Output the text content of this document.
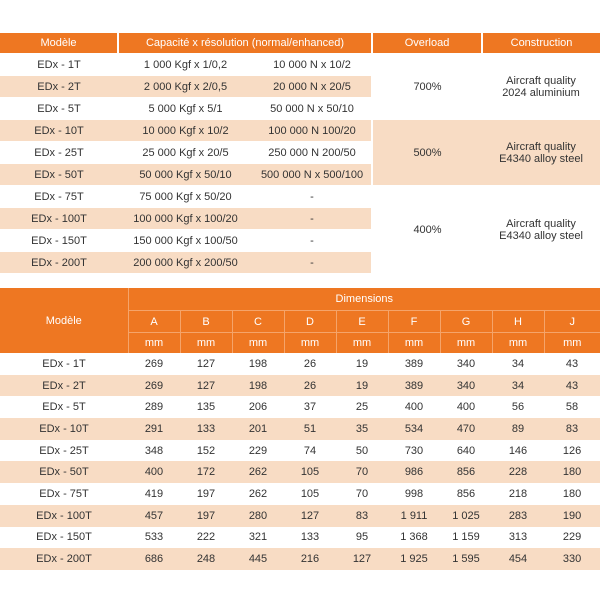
Modèle	Capacité x résolution (normal/enhanced)		Overload	Construction
EDx - 1T	1 000 Kgf x 1/0,2	10 000 N x 10/2	700%	Aircraft quality
2024 aluminium
EDx - 2T	2 000 Kgf x 2/0,5	20 000 N x 20/5		
EDx - 5T	5 000 Kgf x 5/1	50 000 N x 50/10		
EDx - 10T	10 000 Kgf x 10/2	100 000 N 100/20	500%	Aircraft quality
E4340 alloy steel
EDx - 25T	25 000 Kgf x 20/5	250 000 N 200/50		
EDx - 50T	50 000 Kgf x 50/10	500 000 N x 500/100		
EDx - 75T	75 000 Kgf x 50/20	-	400%	Aircraft quality
E4340 alloy steel
EDx - 100T	100 000 Kgf x 100/20	-		
EDx - 150T	150 000 Kgf x 100/50	-		
EDx - 200T	200 000 Kgf x 200/50	-		
Modèle	Dimensions								
	A	B	C	D	E	F	G	H	J
	mm	mm	mm	mm	mm	mm	mm	mm	mm
EDx - 1T	269	127	198	26	19	389	340	34	43
EDx - 2T	269	127	198	26	19	389	340	34	43
EDx - 5T	289	135	206	37	25	400	400	56	58
EDx - 10T	291	133	201	51	35	534	470	89	83
EDx - 25T	348	152	229	74	50	730	640	146	126
EDx - 50T	400	172	262	105	70	986	856	228	180
EDx - 75T	419	197	262	105	70	998	856	218	180
EDx - 100T	457	197	280	127	83	1 911	1 025	283	190
EDx - 150T	533	222	321	133	95	1 368	1 159	313	229
EDx - 200T	686	248	445	216	127	1 925	1 595	454	330
